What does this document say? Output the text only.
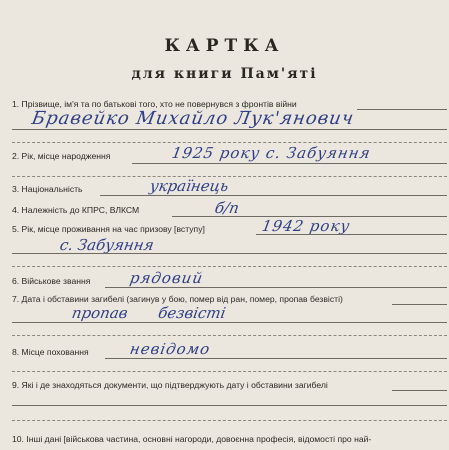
КАРТКА
для книги Пам'яті
1. Прізвище, ім'я та по батькові того, хто не повернувся з фронтів війни
Бравейко Михайло Лук'янович
2. Рік, місце народження	1925 року с. Забуяння
3. Національність	українець
4. Належність до КПРС, ВЛКСМ	б/п
5. Рік, місце проживання на час призову [вступу]	1942 року
с. Забуяння
6. Військове звання	рядовий
7. Дата і обставини загибелі (загинув у бою, помер від ран, помер, пропав безвісті)
пропав безвісті
8. Місце поховання	невідомо
9. Які і де знаходяться документи, що підтверджують дату і обставини загибелі
10. Інші дані [військова частина, основні нагороди, довоєнна професія, відомості про най-
